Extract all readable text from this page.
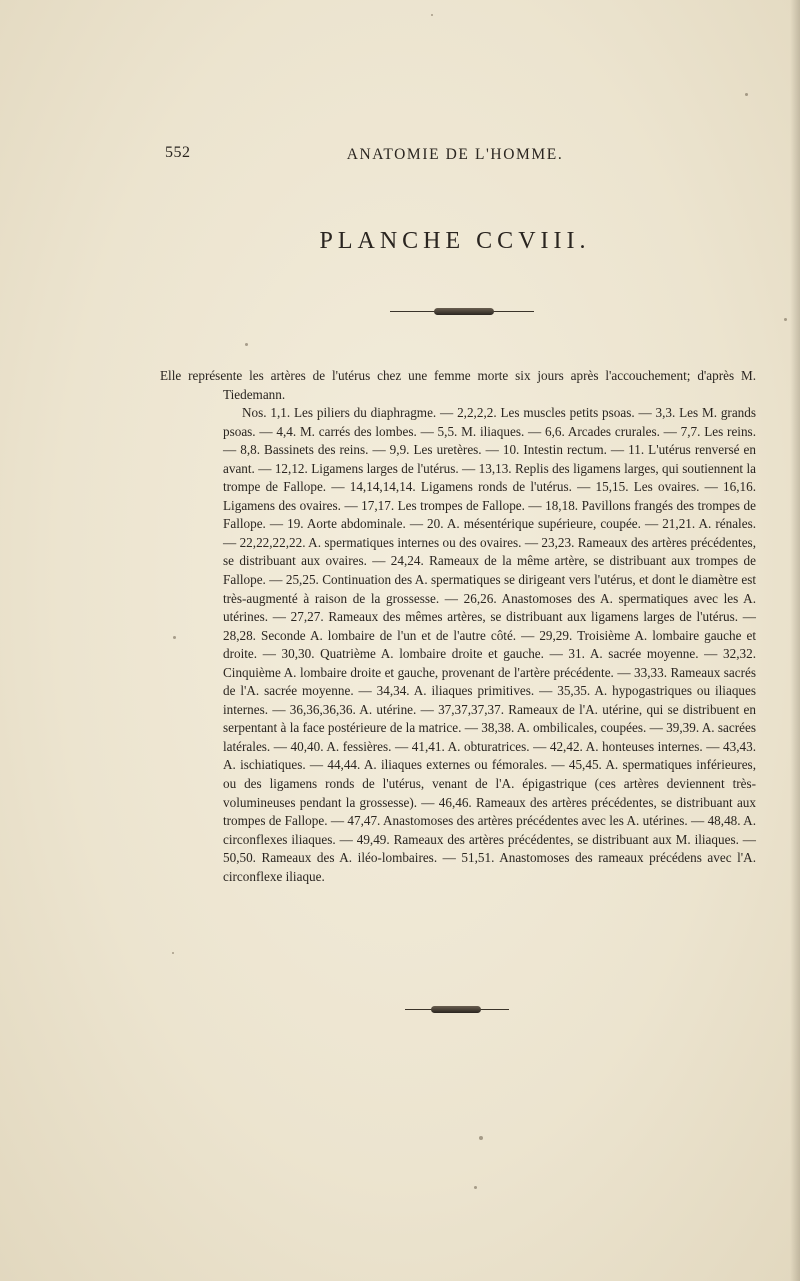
552	ANATOMIE DE L'HOMME.
PLANCHE CCVIII.

Elle représente les artères de l'utérus chez une femme morte six jours après l'accouchement; d'après M. Tiedemann.

Nos. 1,1. Les piliers du diaphragme. — 2,2,2,2. Les muscles petits psoas. — 3,3. Les M. grands psoas. — 4,4. M. carrés des lombes. — 5,5. M. iliaques. — 6,6. Arcades crurales. — 7,7. Les reins. — 8,8. Bassinets des reins. — 9,9. Les uretères. — 10. Intestin rectum. — 11. L'utérus renversé en avant. — 12,12. Ligamens larges de l'utérus. — 13,13. Replis des ligamens larges, qui soutiennent la trompe de Fallope. — 14,14,14,14. Ligamens ronds de l'utérus. — 15,15. Les ovaires. — 16,16. Ligamens des ovaires. — 17,17. Les trompes de Fallope. — 18,18. Pavillons frangés des trompes de Fallope. — 19. Aorte abdominale. — 20. A. mésentérique supérieure, coupée. — 21,21. A. rénales. — 22,22,22,22. A. spermatiques internes ou des ovaires. — 23,23. Rameaux des artères précédentes, se distribuant aux ovaires. — 24,24. Rameaux de la même artère, se distribuant aux trompes de Fallope. — 25,25. Continuation des A. spermatiques se dirigeant vers l'utérus, et dont le diamètre est très-augmenté à raison de la grossesse. — 26,26. Anastomoses des A. spermatiques avec les A. utérines. — 27,27. Rameaux des mêmes artères, se distribuant aux ligamens larges de l'utérus. — 28,28. Seconde A. lombaire de l'un et de l'autre côté. — 29,29. Troisième A. lombaire gauche et droite. — 30,30. Quatrième A. lombaire droite et gauche. — 31. A. sacrée moyenne. — 32,32. Cinquième A. lombaire droite et gauche, provenant de l'artère précédente. — 33,33. Rameaux sacrés de l'A. sacrée moyenne. — 34,34. A. iliaques primitives. — 35,35. A. hypogastriques ou iliaques internes. — 36,36,36,36. A. utérine. — 37,37,37,37. Rameaux de l'A. utérine, qui se distribuent en serpentant à la face postérieure de la matrice. — 38,38. A. ombilicales, coupées. — 39,39. A. sacrées latérales. — 40,40. A. fessières. — 41,41. A. obturatrices. — 42,42. A. honteuses internes. — 43,43. A. ischiatiques. — 44,44. A. iliaques externes ou fémorales. — 45,45. A. spermatiques inférieures, ou des ligamens ronds de l'utérus, venant de l'A. épigastrique (ces artères deviennent très-volumineuses pendant la grossesse). — 46,46. Rameaux des artères précédentes, se distribuant aux trompes de Fallope. — 47,47. Anastomoses des artères précédentes avec les A. utérines. — 48,48. A. circonflexes iliaques. — 49,49. Rameaux des artères précédentes, se distribuant aux M. iliaques. — 50,50. Rameaux des A. iléo-lombaires. — 51,51. Anastomoses des rameaux précédens avec l'A. circonflexe iliaque.
